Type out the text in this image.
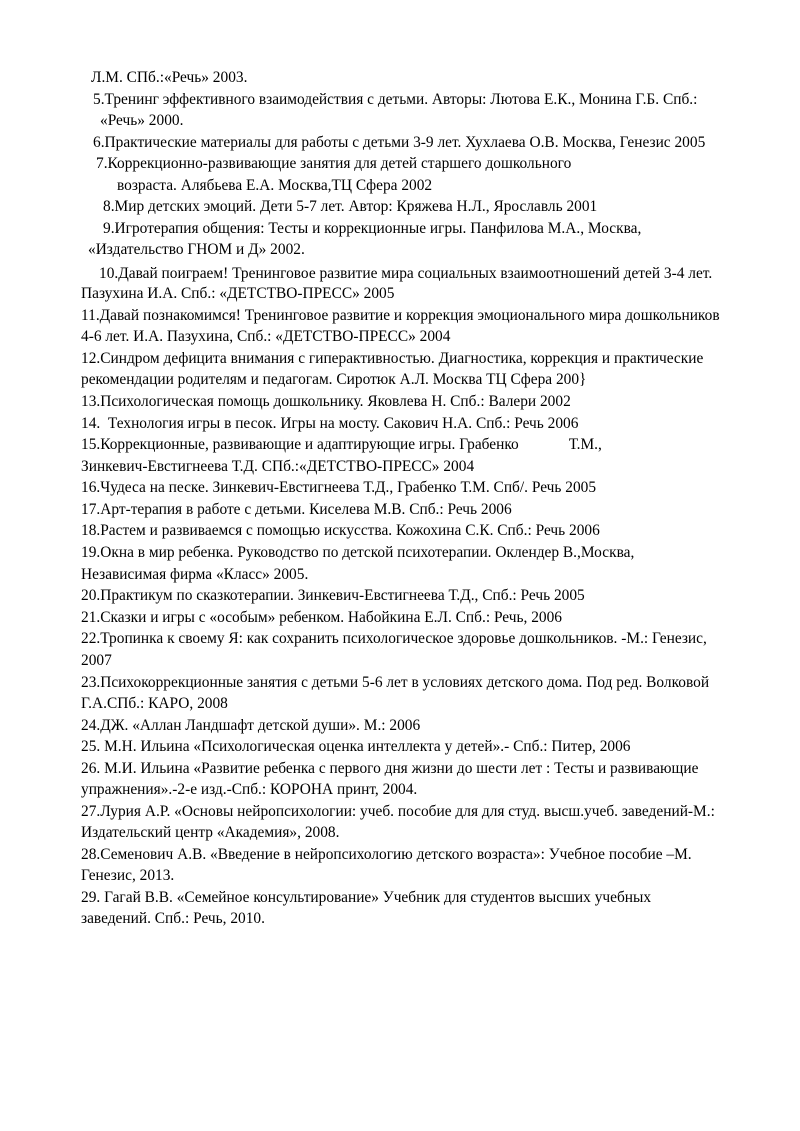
Л.М. СПб.:«Речь» 2003.
5.Тренинг эффективного взаимодействия с детьми. Авторы: Лютова Е.К., Монина Г.Б. Спб.:
«Речь» 2000.
6.Практические материалы для работы с детьми 3-9 лет. Хухлаева О.В. Москва, Генезис 2005
7.Коррекционно-развивающие занятия для детей старшего дошкольного
возраста. Алябьева Е.А. Москва,ТЦ Сфера 2002
8.Мир детских эмоций. Дети 5-7 лет. Автор: Кряжева Н.Л., Ярославль 2001
9.Игротерапия общения: Тесты и коррекционные игры. Панфилова М.А., Москва,
«Издательство ГНОМ и Д» 2002.
10.Давай поиграем! Тренинговое развитие мира социальных взаимоотношений детей 3-4 лет.
Пазухина И.А. Спб.: «ДЕТСТВО-ПРЕСС» 2005
11.Давай познакомимся! Тренинговое развитие и коррекция эмоционального мира дошкольников
4-6 лет. И.А. Пазухина, Спб.: «ДЕТСТВО-ПРЕСС» 2004
12.Синдром дефицита внимания с гиперактивностью. Диагностика, коррекция и практические
рекомендации родителям и педагогам. Сиротюк А.Л. Москва ТЦ Сфера 200}
13.Психологическая помощь дошкольнику. Яковлева Н. Спб.: Валери 2002
14.  Технология игры в песок. Игры на мосту. Сакович Н.А. Спб.: Речь 2006
15.Коррекционные, развивающие и адаптирующие игры. Грабенко             Т.М.,
Зинкевич-Евстигнеева Т.Д. СПб.:«ДЕТСТВО-ПРЕСС» 2004
16.Чудеса на песке. Зинкевич-Евстигнеева Т.Д., Грабенко Т.М. Спб/. Речь 2005
17.Арт-терапия в работе с детьми. Киселева М.В. Спб.: Речь 2006
18.Растем и развиваемся с помощью искусства. Кожохина С.К. Спб.: Речь 2006
19.Окна в мир ребенка. Руководство по детской психотерапии. Оклендер В.,Москва,
Независимая фирма «Класс» 2005.
20.Практикум по сказкотерапии. Зинкевич-Евстигнеева Т.Д., Спб.: Речь 2005
21.Сказки и игры с «особым» ребенком. Набойкина Е.Л. Спб.: Речь, 2006
22.Тропинка к своему Я: как сохранить психологическое здоровье дошкольников. -М.: Генезис,
2007
23.Психокоррекционные занятия с детьми 5-6 лет в условиях детского дома. Под ред. Волковой
Г.А.СПб.: КАРО, 2008
24.ДЖ. «Аллан Ландшафт детской души». М.: 2006
25. М.Н. Ильина «Психологическая оценка интеллекта у детей».- Спб.: Питер, 2006
26. М.И. Ильина «Развитие ребенка с первого дня жизни до шести лет : Тесты и развивающие
упражнения».-2-е изд.-Спб.: КОРОНА принт, 2004.
27.Лурия А.Р. «Основы нейропсихологии: учеб. пособие для для студ. высш.учеб. заведений-М.:
Издательский центр «Академия», 2008.
28.Семенович А.В. «Введение в нейропсихологию детского возраста»: Учебное пособие –М.
Генезис, 2013.
29. Гагай В.В. «Семейное консультирование» Учебник для студентов высших учебных
заведений. Спб.: Речь, 2010.
